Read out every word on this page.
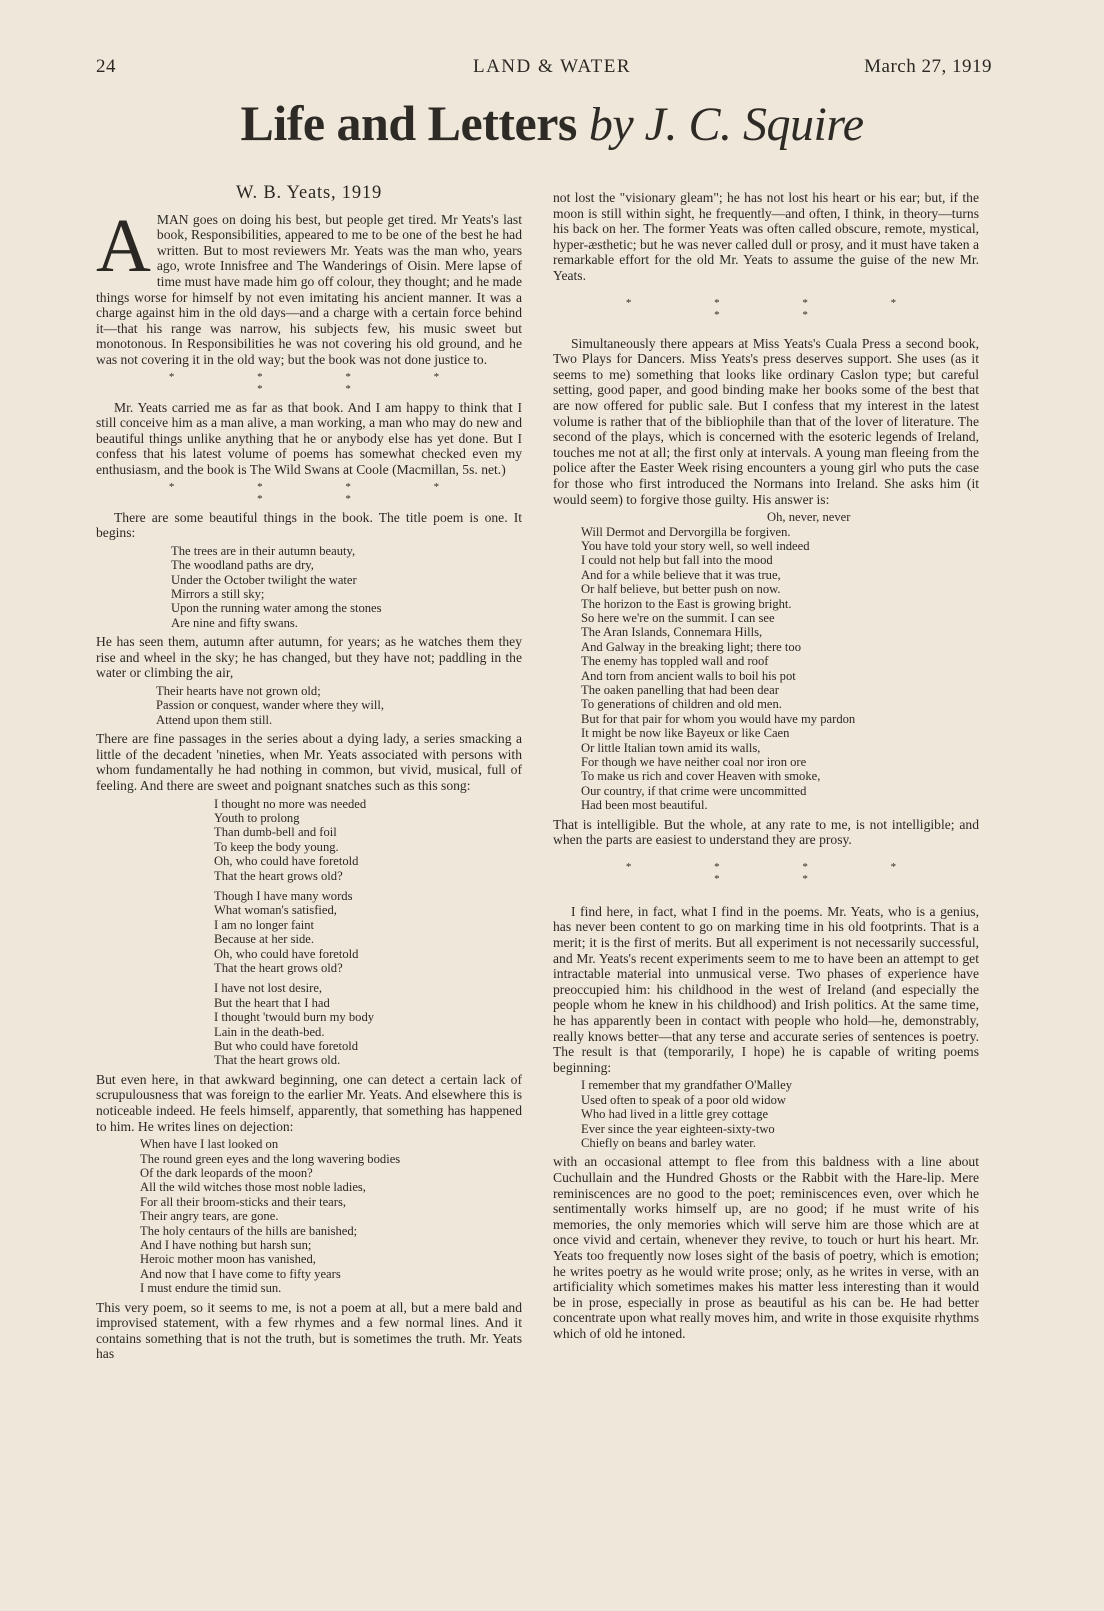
24	LAND & WATER	March 27, 1919
Life and Letters by J. C. Squire
W. B. Yeats, 1919

AMAN goes on doing his best, but people get tired. Mr Yeats's last book, Responsibilities, appeared to me to be one of the best he had written. But to most reviewers Mr. Yeats was the man who, years ago, wrote Innisfree and The Wanderings of Oisin. Mere lapse of time must have made him go off colour, they thought; and he made things worse for himself by not even imitating his ancient manner. It was a charge against him in the old days—and a charge with a certain force behind it—that his range was narrow, his subjects few, his music sweet but monotonous. In Responsibilities he was not covering his old ground, and he was not covering it in the old way; but the book was not done justice to.

* * * * * *

Mr. Yeats carried me as far as that book. And I am happy to think that I still conceive him as a man alive, a man working, a man who may do new and beautiful things unlike anything that he or anybody else has yet done. But I confess that his latest volume of poems has somewhat checked even my enthusiasm, and the book is The Wild Swans at Coole (Macmillan, 5s. net.)

* * * * * *

There are some beautiful things in the book. The title poem is one. It begins:

The trees are in their autumn beauty,
The woodland paths are dry,
Under the October twilight the water
Mirrors a still sky;
Upon the running water among the stones
Are nine and fifty swans.

He has seen them, autumn after autumn, for years; as he watches them they rise and wheel in the sky; he has changed, but they have not; paddling in the water or climbing the air,

Their hearts have not grown old;
Passion or conquest, wander where they will,
Attend upon them still.

There are fine passages in the series about a dying lady, a series smacking a little of the decadent 'nineties, when Mr. Yeats associated with persons with whom fundamentally he had nothing in common, but vivid, musical, full of feeling. And there are sweet and poignant snatches such as this song:

I thought no more was needed
Youth to prolong
Than dumb-bell and foil
To keep the body young.
Oh, who could have foretold
That the heart grows old?
Though I have many words
What woman's satisfied,
I am no longer faint
Because at her side.
Oh, who could have foretold
That the heart grows old?
I have not lost desire,
But the heart that I had
I thought 'twould burn my body
Lain in the death-bed.
But who could have foretold
That the heart grows old.

But even here, in that awkward beginning, one can detect a certain lack of scrupulousness that was foreign to the earlier Mr. Yeats. And elsewhere this is noticeable indeed. He feels himself, apparently, that something has happened to him. He writes lines on dejection:

When have I last looked on
The round green eyes and the long wavering bodies
Of the dark leopards of the moon?
All the wild witches those most noble ladies,
For all their broom-sticks and their tears,
Their angry tears, are gone.
The holy centaurs of the hills are banished;
And I have nothing but harsh sun;
Heroic mother moon has vanished,
And now that I have come to fifty years
I must endure the timid sun.

This very poem, so it seems to me, is not a poem at all, but a mere bald and improvised statement, with a few rhymes and a few normal lines. And it contains something that is not the truth, but is sometimes the truth. Mr. Yeats has

not lost the "visionary gleam"; he has not lost his heart or his ear; but, if the moon is still within sight, he frequently—and often, I think, in theory—turns his back on her. The former Yeats was often called obscure, remote, mystical, hyper-æsthetic; but he was never called dull or prosy, and it must have taken a remarkable effort for the old Mr. Yeats to assume the guise of the new Mr. Yeats.

* * * * * *

Simultaneously there appears at Miss Yeats's Cuala Press a second book, Two Plays for Dancers. Miss Yeats's press deserves support. She uses (as it seems to me) something that looks like ordinary Caslon type; but careful setting, good paper, and good binding make her books some of the best that are now offered for public sale. But I confess that my interest in the latest volume is rather that of the bibliophile than that of the lover of literature. The second of the plays, which is concerned with the esoteric legends of Ireland, touches me not at all; the first only at intervals. A young man fleeing from the police after the Easter Week rising encounters a young girl who puts the case for those who first introduced the Normans into Ireland. She asks him (it would seem) to forgive those guilty. His answer is:

Oh, never, never
Will Dermot and Dervorgilla be forgiven.
You have told your story well, so well indeed
I could not help but fall into the mood
And for a while believe that it was true,
Or half believe, but better push on now.
The horizon to the East is growing bright.
So here we're on the summit. I can see
The Aran Islands, Connemara Hills,
And Galway in the breaking light; there too
The enemy has toppled wall and roof
And torn from ancient walls to boil his pot
The oaken panelling that had been dear
To generations of children and old men.
But for that pair for whom you would have my pardon
It might be now like Bayeux or like Caen
Or little Italian town amid its walls,
For though we have neither coal nor iron ore
To make us rich and cover Heaven with smoke,
Our country, if that crime were uncommitted
Had been most beautiful.

That is intelligible. But the whole, at any rate to me, is not intelligible; and when the parts are easiest to understand they are prosy.

* * * * * *

I find here, in fact, what I find in the poems. Mr. Yeats, who is a genius, has never been content to go on marking time in his old footprints. That is a merit; it is the first of merits. But all experiment is not necessarily successful, and Mr. Yeats's recent experiments seem to me to have been an attempt to get intractable material into unmusical verse. Two phases of experience have preoccupied him: his childhood in the west of Ireland (and especially the people whom he knew in his childhood) and Irish politics. At the same time, he has apparently been in contact with people who hold—he, demonstrably, really knows better—that any terse and accurate series of sentences is poetry. The result is that (temporarily, I hope) he is capable of writing poems beginning:

I remember that my grandfather O'Malley
Used often to speak of a poor old widow
Who had lived in a little grey cottage
Ever since the year eighteen-sixty-two
Chiefly on beans and barley water.

with an occasional attempt to flee from this baldness with a line about Cuchullain and the Hundred Ghosts or the Rabbit with the Hare-lip. Mere reminiscences are no good to the poet; reminiscences even, over which he sentimentally works himself up, are no good; if he must write of his memories, the only memories which will serve him are those which are at once vivid and certain, whenever they revive, to touch or hurt his heart. Mr. Yeats too frequently now loses sight of the basis of poetry, which is emotion; he writes poetry as he would write prose; only, as he writes in verse, with an artificiality which sometimes makes his matter less interesting than it would be in prose, especially in prose as beautiful as his can be. He had better concentrate upon what really moves him, and write in those exquisite rhythms which of old he intoned.
